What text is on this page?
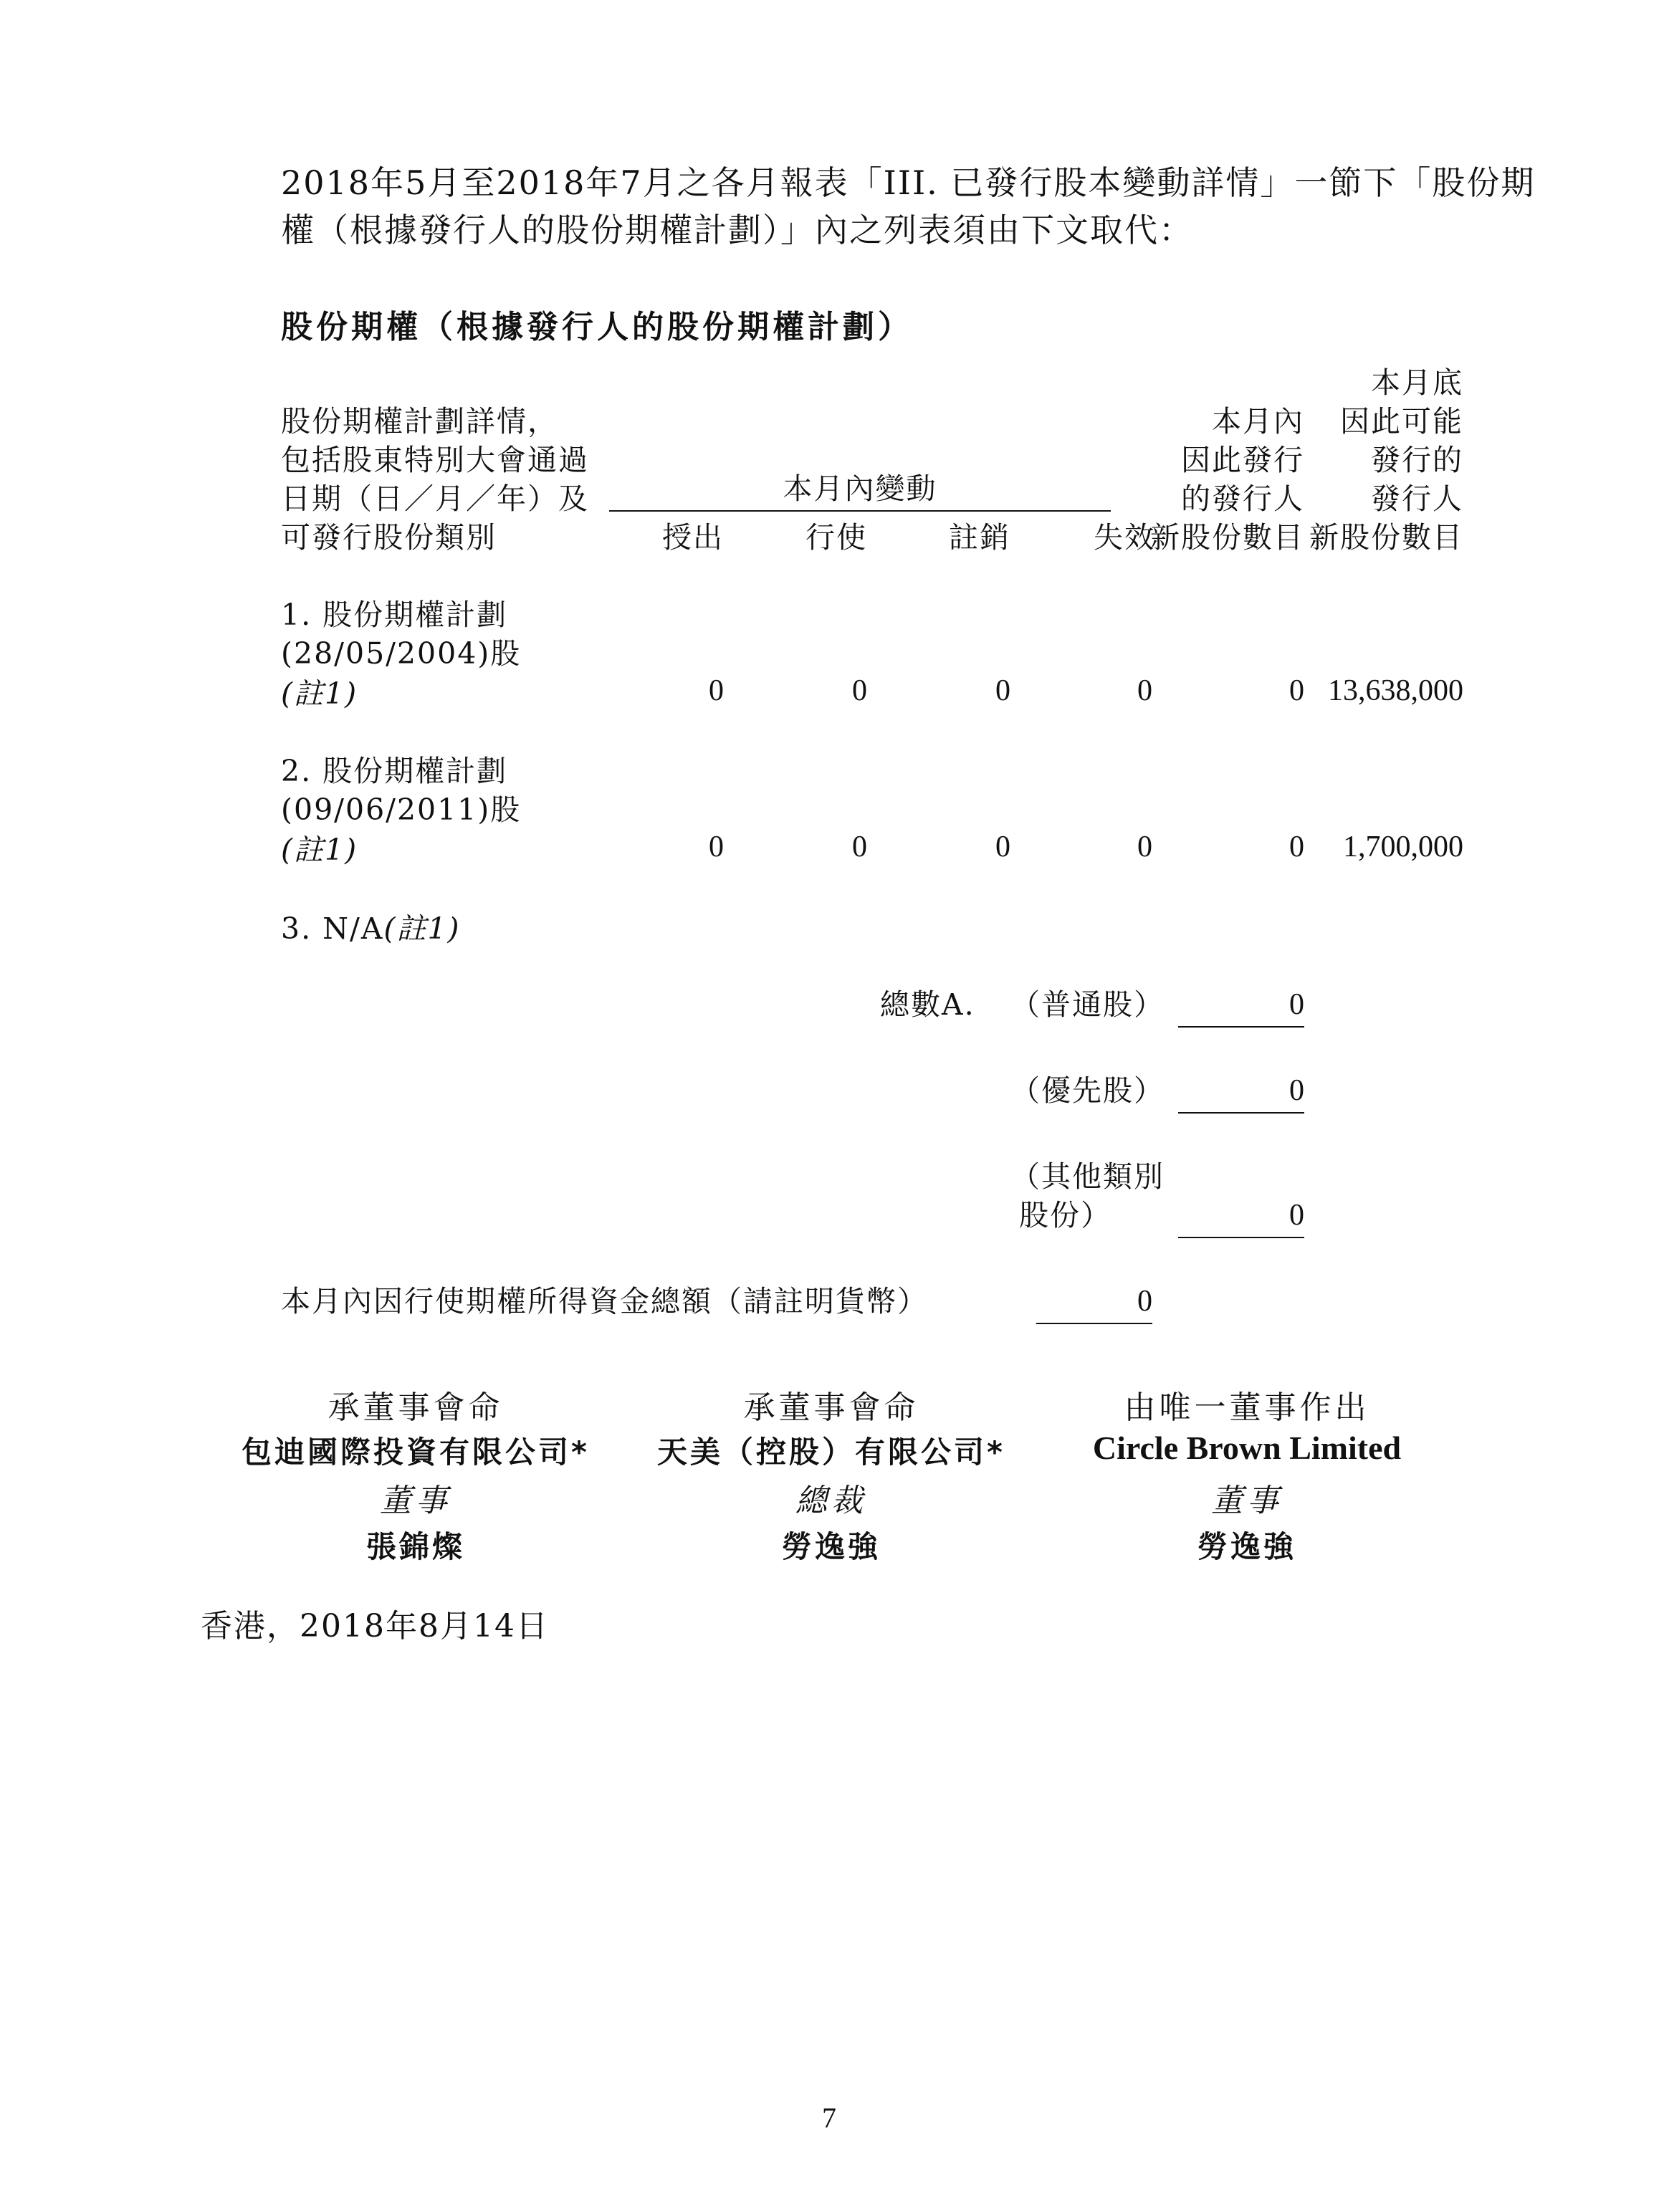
2018年5月至2018年7月之各月報表「III. 已發行股本變動詳情」一節下「股份期
權（根據發行人的股份期權計劃）」內之列表須由下文取代：
股份期權（根據發行人的股份期權計劃）
股份期權計劃詳情，
包括股東特別大會通過
日期（日／月／年）及
可發行股份類別
本月內變動
授出	行使	註銷	失效
本月內
因此發行
的發行人
新股份數目
本月底
因此可能
發行的
發行人
新股份數目
1. 股份期權計劃
(28/05/2004)股
(註1)	0	0	0	0	0 13,638,000
2. 股份期權計劃
(09/06/2011)股
(註1)	0	0	0	0	0	1,700,000
3. N/A(註1)
總數A. （普通股）	0
（優先股）	0
（其他類別
股份）	0
本月內因行使期權所得資金總額（請註明貨幣）	0
承董事會命
包迪國際投資有限公司*
董事
張錦燦
承董事會命
天美（控股）有限公司*
總裁
勞逸強
由唯一董事作出
Circle Brown Limited
董事
勞逸強
香港，2018年8月14日
7
